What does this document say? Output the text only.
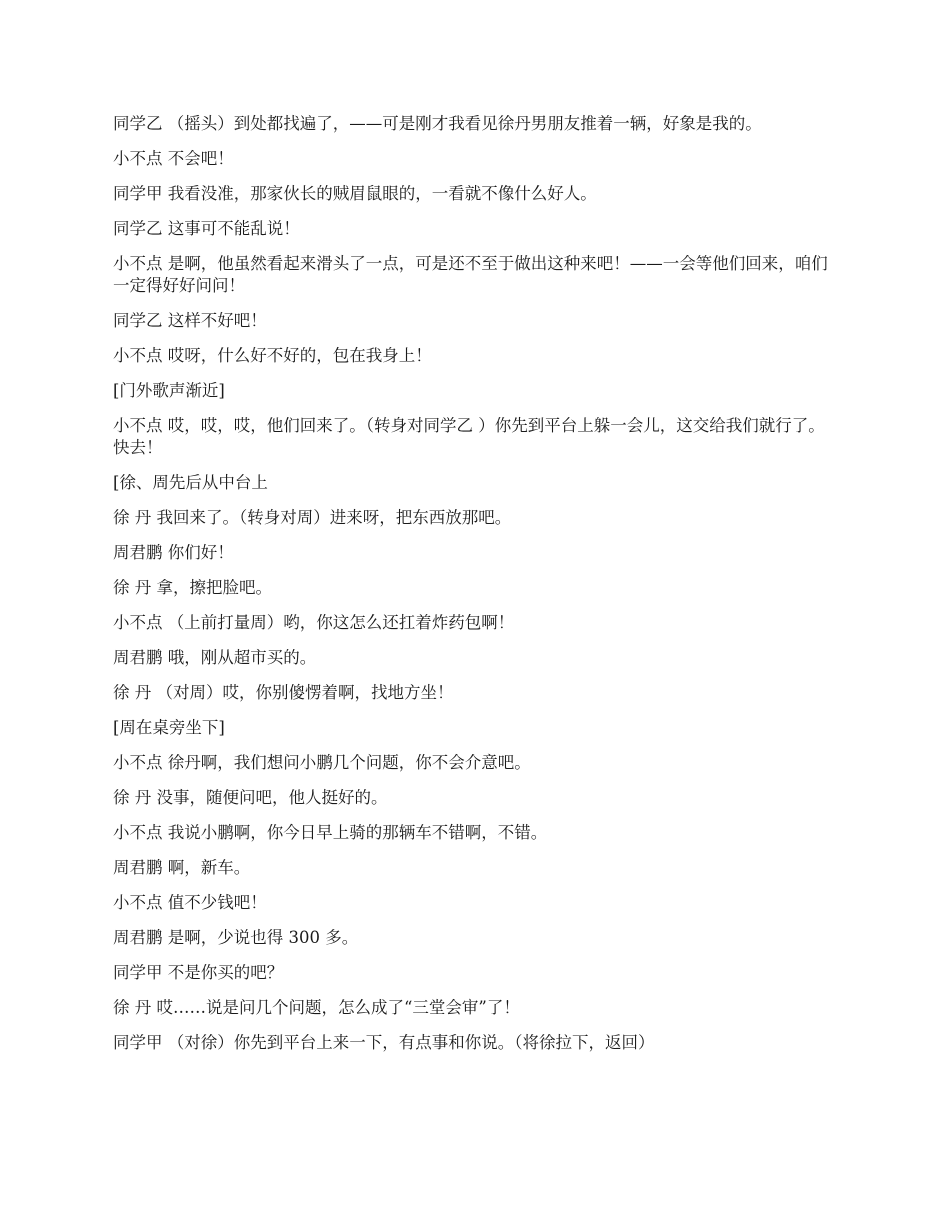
同学乙 （摇头）到处都找遍了，——可是刚才我看见徐丹男朋友推着一辆，好象是我的。

小不点 不会吧！

同学甲 我看没准，那家伙长的贼眉鼠眼的，一看就不像什么好人。

同学乙 这事可不能乱说！

小不点 是啊，他虽然看起来滑头了一点，可是还不至于做出这种来吧！——一会等他们回来，咱们一定得好好问问！

同学乙 这样不好吧！

小不点 哎呀，什么好不好的，包在我身上！

[门外歌声渐近]

小不点 哎，哎，哎，他们回来了。（转身对同学乙 ）你先到平台上躲一会儿，这交给我们就行了。快去！

[徐、周先后从中台上

徐 丹 我回来了。（转身对周）进来呀，把东西放那吧。

周君鹏 你们好！

徐 丹 拿，擦把脸吧。

小不点 （上前打量周）哟，你这怎么还扛着炸药包啊！

周君鹏 哦，刚从超市买的。

徐 丹 （对周）哎，你别傻愣着啊，找地方坐！

[周在桌旁坐下]

小不点 徐丹啊，我们想问小鹏几个问题，你不会介意吧。

徐 丹 没事，随便问吧，他人挺好的。

小不点 我说小鹏啊，你今日早上骑的那辆车不错啊，不错。

周君鹏 啊，新车。

小不点 值不少钱吧！

周君鹏 是啊，少说也得 300 多。

同学甲 不是你买的吧？

徐 丹 哎……说是问几个问题，怎么成了“三堂会审”了！

同学甲 （对徐）你先到平台上来一下，有点事和你说。（将徐拉下，返回）
